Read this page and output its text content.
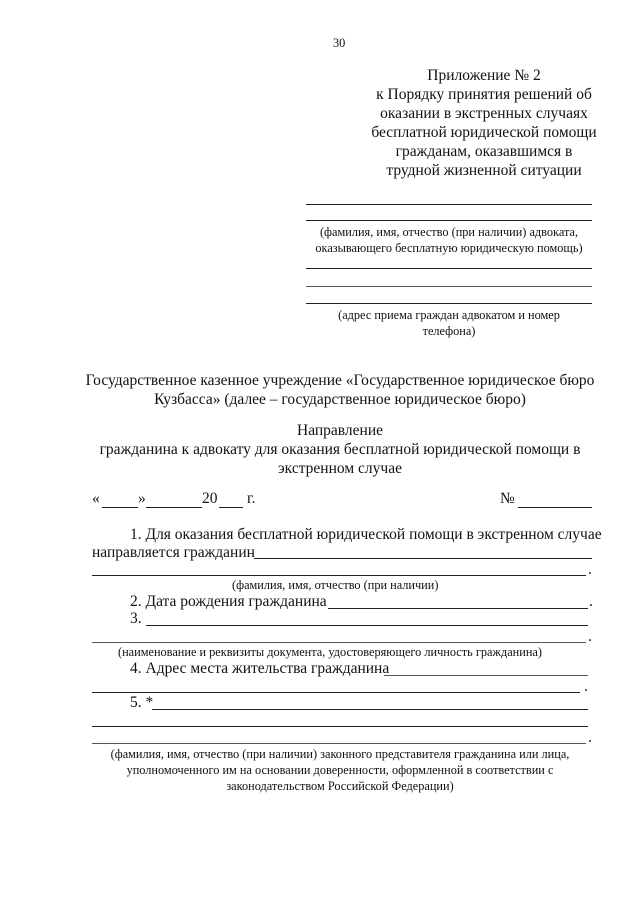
30
Приложение № 2
к Порядку принятия решений об
оказании в экстренных случаях
бесплатной юридической помощи
гражданам, оказавшимся в
трудной жизненной ситуации
(фамилия, имя, отчество (при наличии) адвоката,
оказывающего бесплатную юридическую помощь)
(адрес приема граждан адвокатом и номер
телефона)
Государственное казенное учреждение «Государственное юридическое бюро
Кузбасса» (далее – государственное юридическое бюро)
Направление
гражданина к адвокату для оказания бесплатной юридической помощи в
экстренном случае
« »	20 г.	№
1. Для оказания бесплатной юридической помощи в экстренном случае
направляется гражданин
.
(фамилия, имя, отчество (при наличии)
2. Дата рождения гражданина	.
3.
.
(наименование и реквизиты документа, удостоверяющего личность гражданина)
4. Адрес места жительства гражданина
.
5. *
.
(фамилия, имя, отчество (при наличии) законного представителя гражданина или лица,
уполномоченного им на основании доверенности, оформленной в соответствии с
законодательством Российской Федерации)
